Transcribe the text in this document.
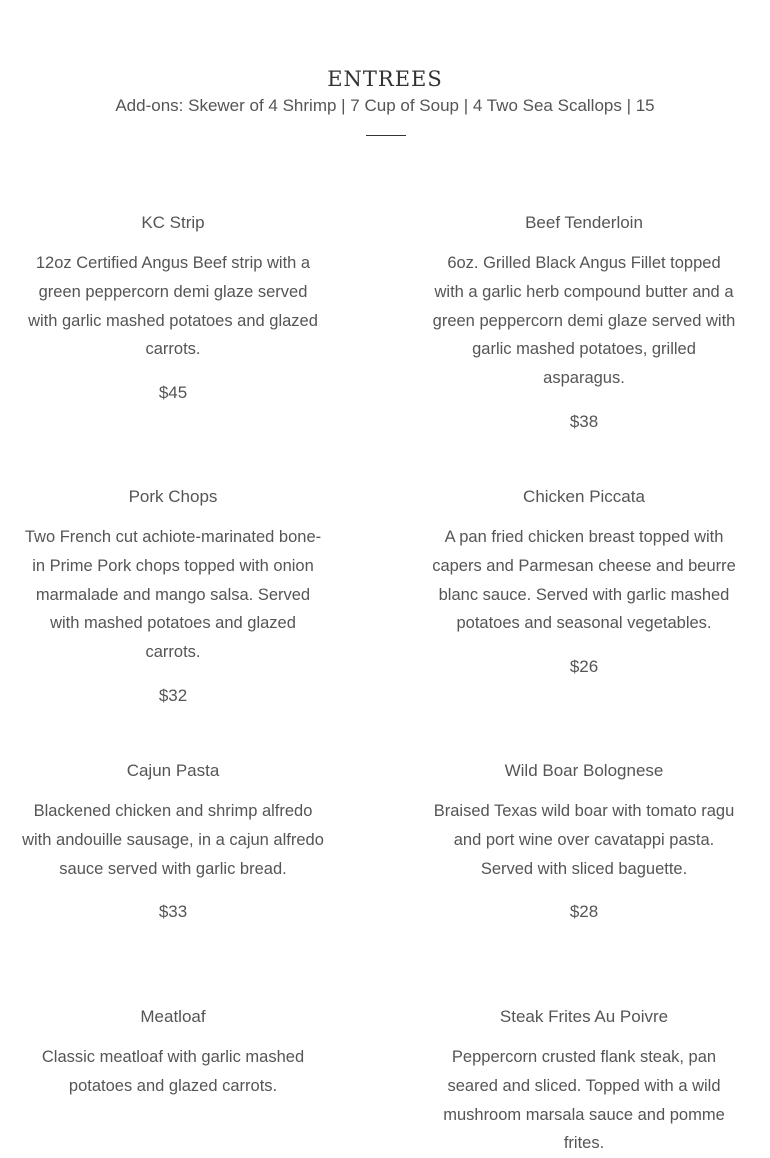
ENTREES
Add-ons: Skewer of 4 Shrimp | 7 Cup of Soup | 4 Two Sea Scallops | 15

KC Strip

12oz Certified Angus Beef strip with a green peppercorn demi glaze served with garlic mashed potatoes and glazed carrots.

$45

Beef Tenderloin

6oz. Grilled Black Angus Fillet topped with a garlic herb compound butter and a green peppercorn demi glaze served with garlic mashed potatoes, grilled asparagus.

$38

Pork Chops

Two French cut achiote-marinated bone-in Prime Pork chops topped with onion marmalade and mango salsa. Served with mashed potatoes and glazed carrots.

$32

Chicken Piccata

A pan fried chicken breast topped with capers and Parmesan cheese and beurre blanc sauce. Served with garlic mashed potatoes and seasonal vegetables.

$26

Cajun Pasta

Blackened chicken and shrimp alfredo with andouille sausage, in a cajun alfredo sauce served with garlic bread.

$33

Wild Boar Bolognese

Braised Texas wild boar with tomato ragu and port wine over cavatappi pasta. Served with sliced baguette.

$28

Meatloaf

Classic meatloaf with garlic mashed potatoes and glazed carrots.

Steak Frites Au Poivre

Peppercorn crusted flank steak, pan seared and sliced. Topped with a wild mushroom marsala sauce and pomme frites.
